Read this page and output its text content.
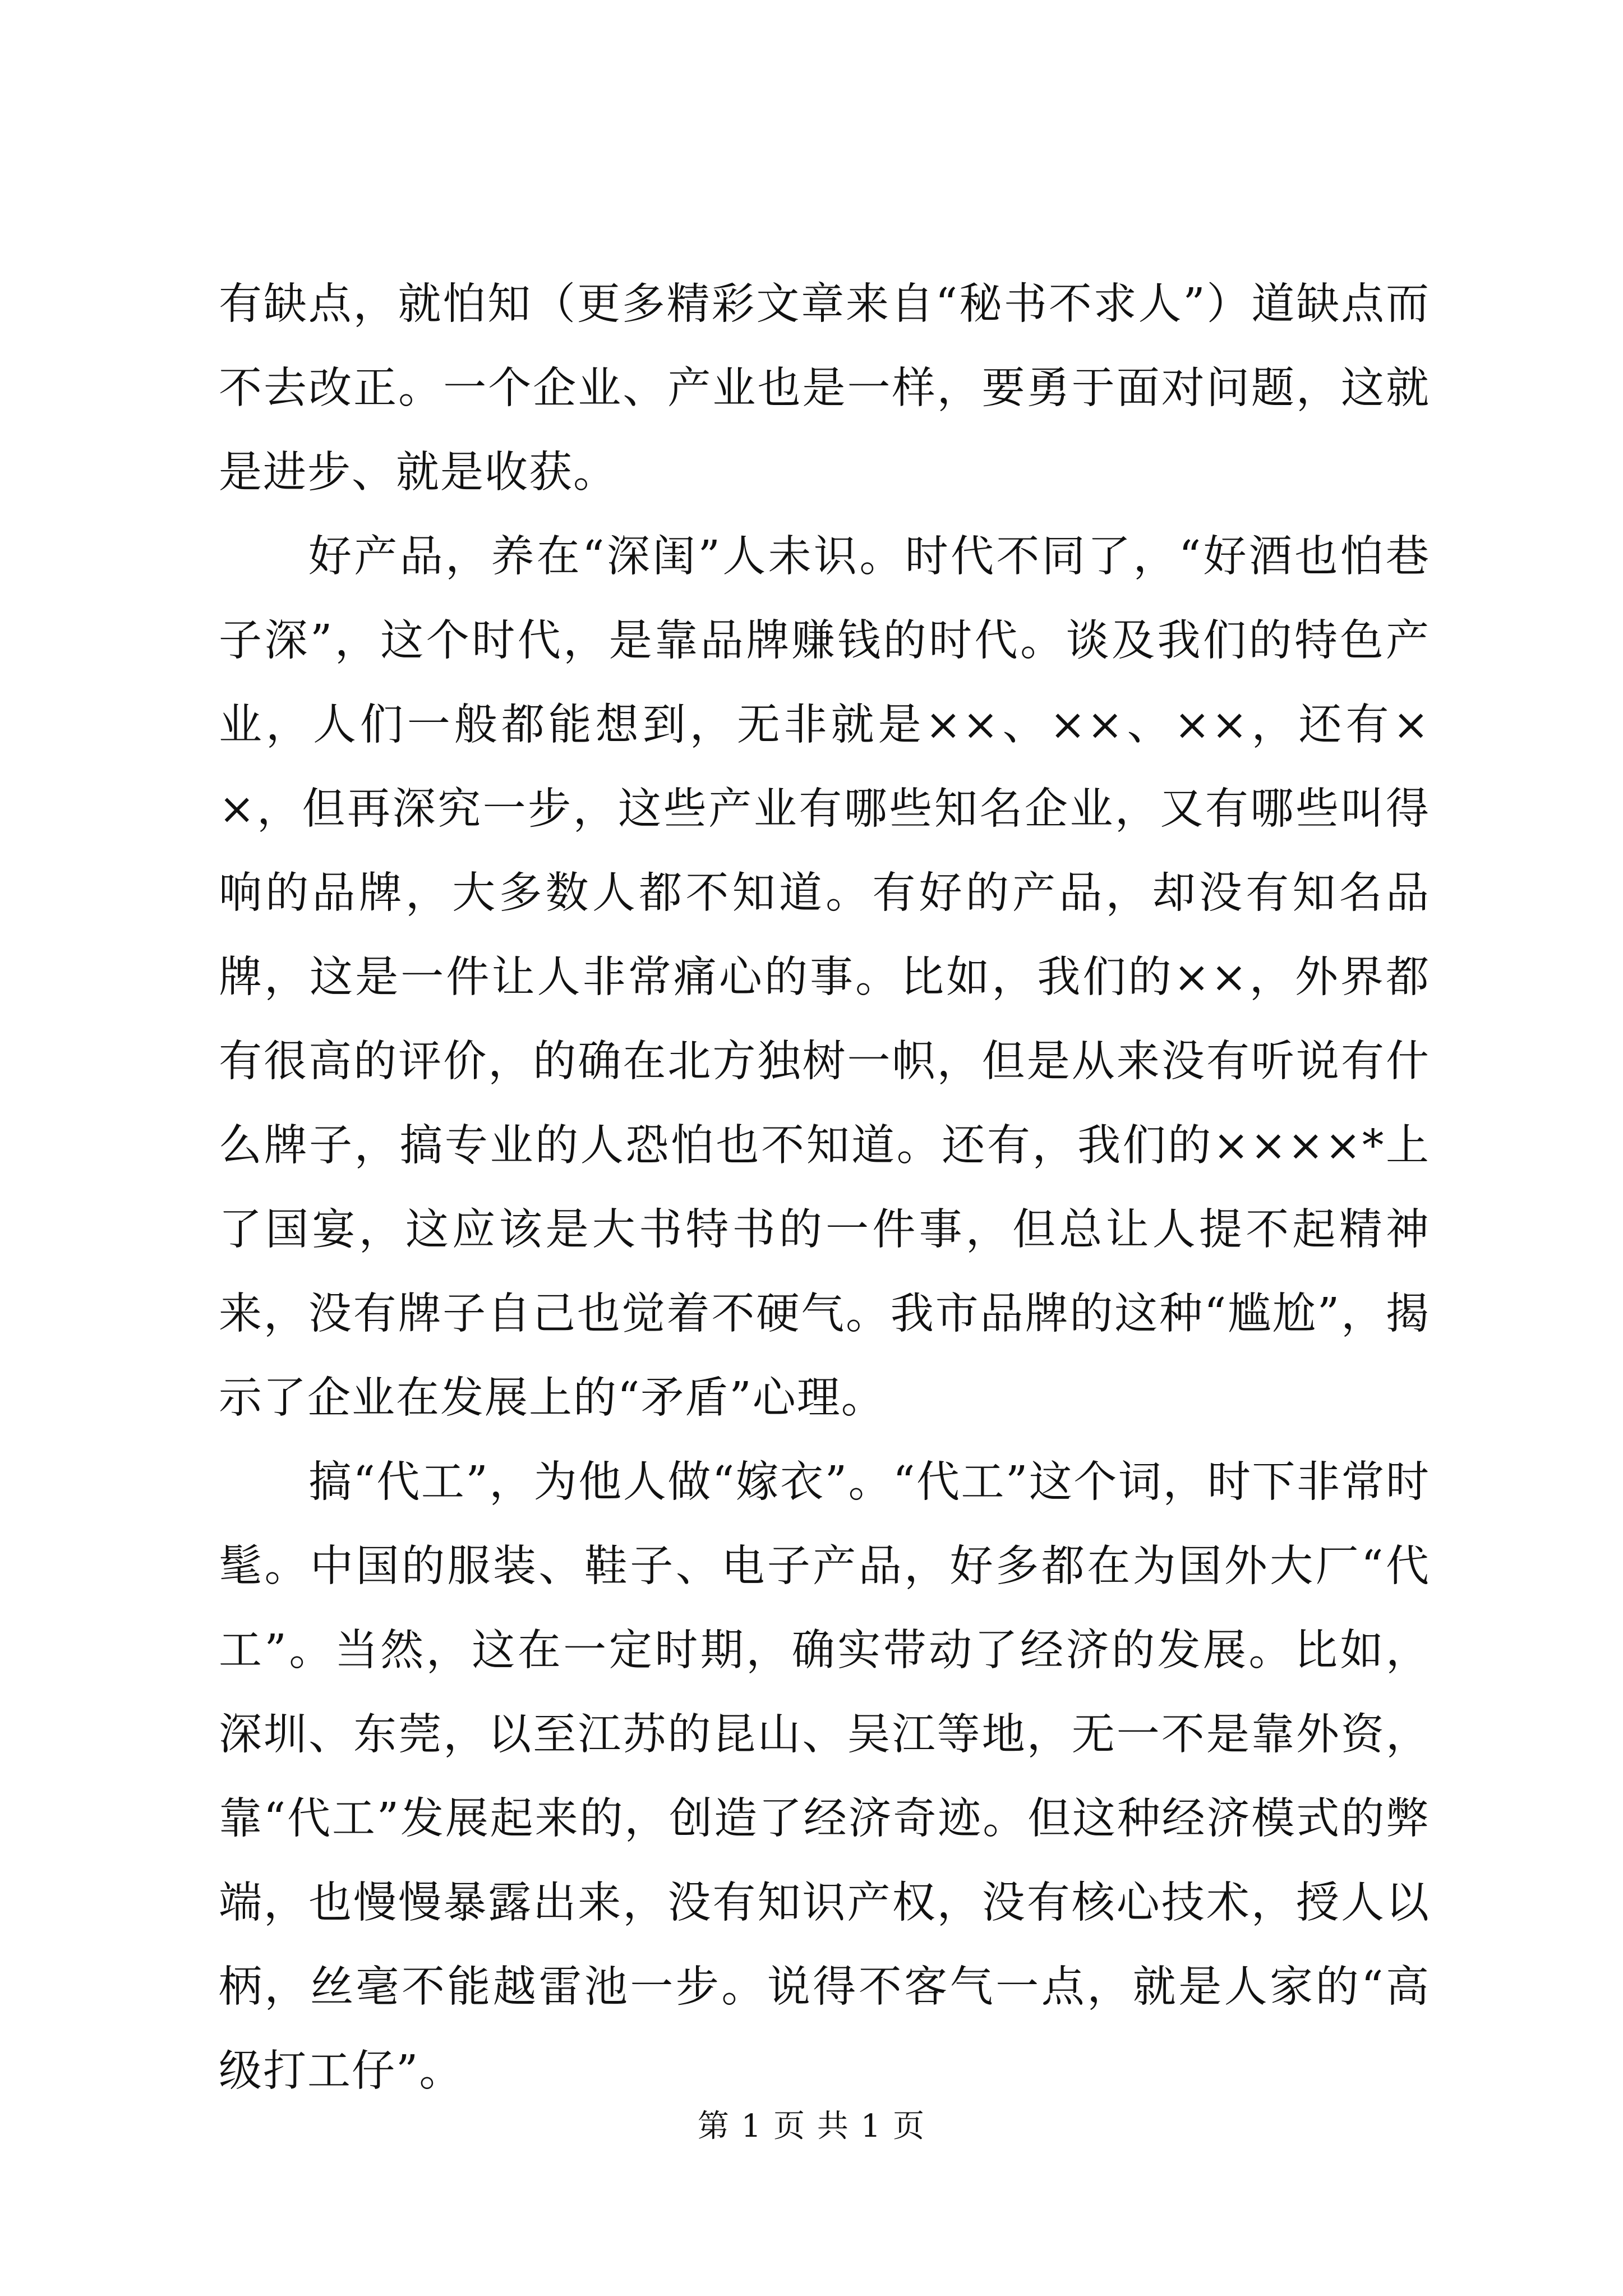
有缺点，就怕知（更多精彩文章来自“秘书不求人”）道缺点而不去改正。一个企业、产业也是一样，要勇于面对问题，这就是进步、就是收获。

好产品，养在“深闺”人未识。时代不同了，“好酒也怕巷子深”，这个时代，是靠品牌赚钱的时代。谈及我们的特色产业，人们一般都能想到，无非就是××、××、××，还有××，但再深究一步，这些产业有哪些知名企业，又有哪些叫得响的品牌，大多数人都不知道。有好的产品，却没有知名品牌，这是一件让人非常痛心的事。比如，我们的××，外界都有很高的评价，的确在北方独树一帜，但是从来没有听说有什么牌子，搞专业的人恐怕也不知道。还有，我们的××××*上了国宴，这应该是大书特书的一件事，但总让人提不起精神来，没有牌子自己也觉着不硬气。我市品牌的这种“尴尬”，揭示了企业在发展上的“矛盾”心理。

搞“代工”，为他人做“嫁衣”。“代工”这个词，时下非常时髦。中国的服装、鞋子、电子产品，好多都在为国外大厂“代工”。当然，这在一定时期，确实带动了经济的发展。比如，深圳、东莞，以至江苏的昆山、吴江等地，无一不是靠外资，靠“代工”发展起来的，创造了经济奇迹。但这种经济模式的弊端，也慢慢暴露出来，没有知识产权，没有核心技术，授人以柄，丝毫不能越雷池一步。说得不客气一点，就是人家的“高级打工仔”。

第 1 页 共 1 页
